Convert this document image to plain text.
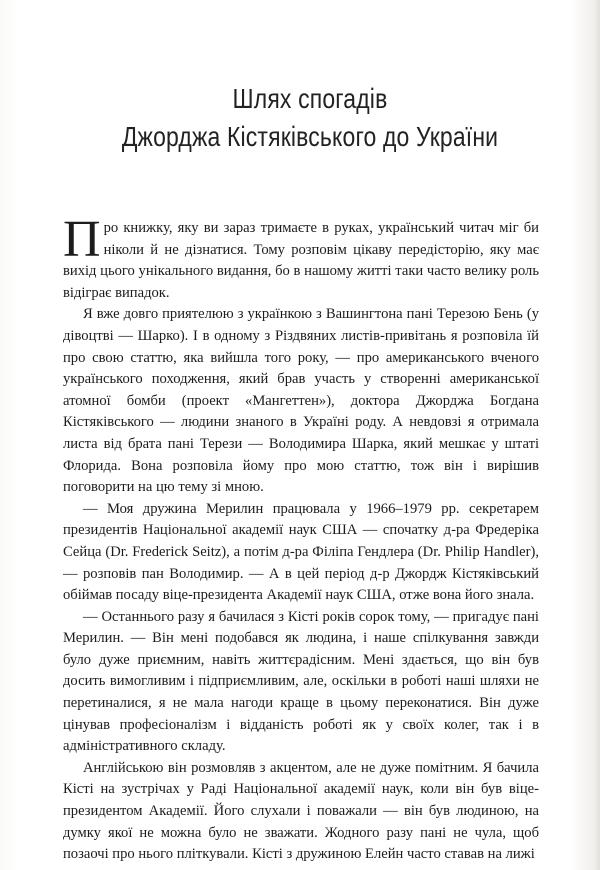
Шлях спогадів
Джорджа Кістяківського до України

Про книжку, яку ви зараз тримаєте в руках, український читач міг би ніколи й не дізнатися. Тому розповім цікаву передісторію, яку має вихід цього унікального видання, бо в нашому житті таки часто велику роль відіграє випадок.

Я вже довго приятелюю з українкою з Вашингтона пані Терезою Бень (у дівоцтві — Шарко). І в одному з Різдвяних листів-привітань я розповіла їй про свою статтю, яка вийшла того року, — про американського вченого українського походження, який брав участь у створенні американської атомної бомби (проект «Мангеттен»), доктора Джорджа Богдана Кістяківського — людини знаного в Україні роду. А невдовзі я отримала листа від брата пані Терези — Володимира Шарка, який мешкає у штаті Флорида. Вона розповіла йому про мою статтю, тож він і вирішив поговорити на цю тему зі мною.

— Моя дружина Мерилин працювала у 1966–1979 рр. секретарем президентів Національної академії наук США — спочатку д-ра Фредеріка Сейца (Dr. Frederick Seitz), а потім д-ра Філіпа Гендлера (Dr. Philip Handler), — розповів пан Володимир. — А в цей період д-р Джордж Кістяківський обіймав посаду віце-президента Академії наук США, отже вона його знала.

— Останнього разу я бачилася з Кісті років сорок тому, — пригадує пані Мерилин. — Він мені подобався як людина, і наше спілкування завжди було дуже приємним, навіть життєрадісним. Мені здається, що він був досить вимогливим і підприємливим, але, оскільки в роботі наші шляхи не перетиналися, я не мала нагоди краще в цьому переконатися. Він дуже цінував професіоналізм і відданість роботі як у своїх колег, так і в адміністративного складу.

Англійською він розмовляв з акцентом, але не дуже помітним. Я бачила Кісті на зустрічах у Раді Національної академії наук, коли він був віце-президентом Академії. Його слухали і поважали — він був людиною, на думку якої не можна було не зважати. Жодного разу пані не чула, щоб позаочі про нього пліткували. Кісті з дружиною Елейн часто ставав на лижі
